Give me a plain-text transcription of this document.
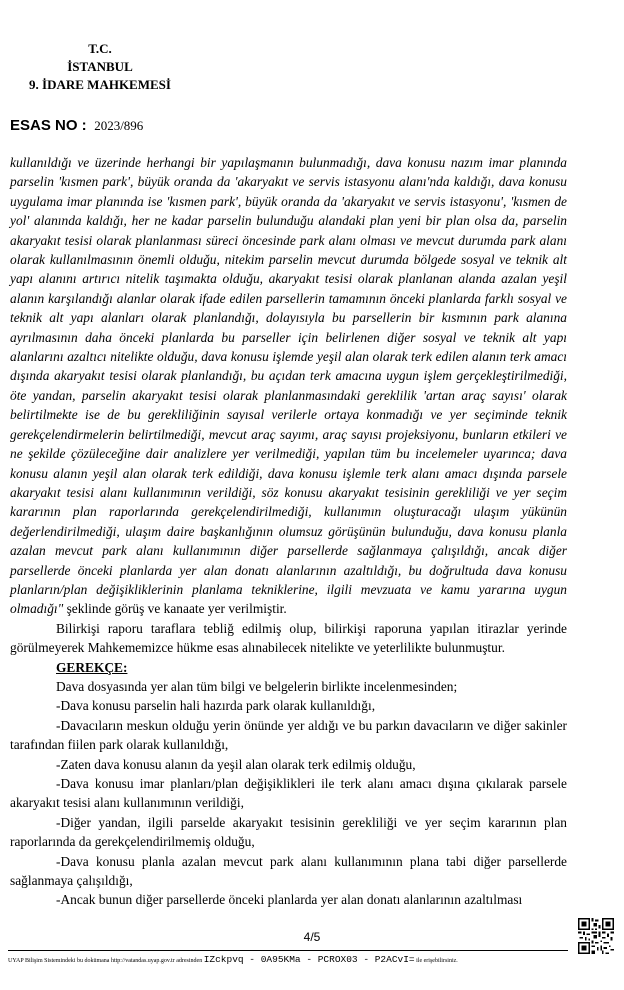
T.C.
İSTANBUL
9. İDARE MAHKEMESİ
ESAS NO : 2023/896

kullanıldığı ve üzerinde herhangi bir yapılaşmanın bulunmadığı, dava konusu nazım imar planında parselin 'kısmen park', büyük oranda da 'akaryakıt ve servis istasyonu alanı'nda kaldığı, dava konusu uygulama imar planında ise 'kısmen park', büyük oranda da 'akaryakıt ve servis istasyonu', 'kısmen de yol' alanında kaldığı, her ne kadar parselin bulunduğu alandaki plan yeni bir plan olsa da, parselin akaryakıt tesisi olarak planlanması süreci öncesinde park alanı olması ve mevcut durumda park alanı olarak kullanılmasının önemli olduğu, nitekim parselin mevcut durumda bölgede sosyal ve teknik alt yapı alanını artırıcı nitelik taşımakta olduğu, akaryakıt tesisi olarak planlanan alanda azalan yeşil alanın karşılandığı alanlar olarak ifade edilen parsellerin tamamının önceki planlarda farklı sosyal ve teknik alt yapı alanları olarak planlandığı, dolayısıyla bu parsellerin bir kısmının park alanına ayrılmasının daha önceki planlarda bu parseller için belirlenen diğer sosyal ve teknik alt yapı alanlarını azaltıcı nitelikte olduğu, dava konusu işlemde yeşil alan olarak terk edilen alanın terk amacı dışında akaryakıt tesisi olarak planlandığı, bu açıdan terk amacına uygun işlem gerçekleştirilmediği, öte yandan, parselin akaryakıt tesisi olarak planlanmasındaki gereklilik 'artan araç sayısı' olarak belirtilmekte ise de bu gerekliliğinin sayısal verilerle ortaya konmadığı ve yer seçiminde teknik gerekçelendirmelerin belirtilmediği, mevcut araç sayımı, araç sayısı projeksiyonu, bunların etkileri ve ne şekilde çözüleceğine dair analizlere yer verilmediği, yapılan tüm bu incelemeler uyarınca; dava konusu alanın yeşil alan olarak terk edildiği, dava konusu işlemle terk alanı amacı dışında parsele akaryakıt tesisi alanı kullanımının verildiği, söz konusu akaryakıt tesisinin gerekliliği ve yer seçim kararının plan raporlarında gerekçelendirilmediği, kullanımın oluşturacağı ulaşım yükünün değerlendirilmediği, ulaşım daire başkanlığının olumsuz görüşünün bulunduğu, dava konusu planla azalan mevcut park alanı kullanımının diğer parsellerde sağlanmaya çalışıldığı, ancak diğer parsellerde önceki planlarda yer alan donatı alanlarının azaltıldığı, bu doğrultuda dava konusu planların/plan değişikliklerinin planlama tekniklerine, ilgili mevzuata ve kamu yararına uygun olmadığı" şeklinde görüş ve kanaate yer verilmiştir.

Bilirkişi raporu taraflara tebliğ edilmiş olup, bilirkişi raporuna yapılan itirazlar yerinde görülmeyerek Mahkememizce hükme esas alınabilecek nitelikte ve yeterlilikte bulunmuştur.

GEREKÇE:

Dava dosyasında yer alan tüm bilgi ve belgelerin birlikte incelenmesinden;

-Dava konusu parselin hali hazırda park olarak kullanıldığı,

-Davacıların meskun olduğu yerin önünde yer aldığı ve bu parkın davacıların ve diğer sakinler tarafından fiilen park olarak kullanıldığı,

-Zaten dava konusu alanın da yeşil alan olarak terk edilmiş olduğu,

-Dava konusu imar planları/plan değişiklikleri ile terk alanı amacı dışına çıkılarak parsele akaryakıt tesisi alanı kullanımının verildiği,

-Diğer yandan, ilgili parselde akaryakıt tesisinin gerekliliği ve yer seçim kararının plan raporlarında da gerekçelendirilmemiş olduğu,

-Dava konusu planla azalan mevcut park alanı kullanımının plana tabi diğer parsellerde sağlanmaya çalışıldığı,

-Ancak bunun diğer parsellerde önceki planlarda yer alan donatı alanlarının azaltılması

4/5
UYAP Bilişim Sistemindeki bu dokümana http://vatandas.uyap.gov.tr adresinden IZckpvq - 0A95KMa - PCROX03 - P2ACvI= ile erişebilirsiniz.
